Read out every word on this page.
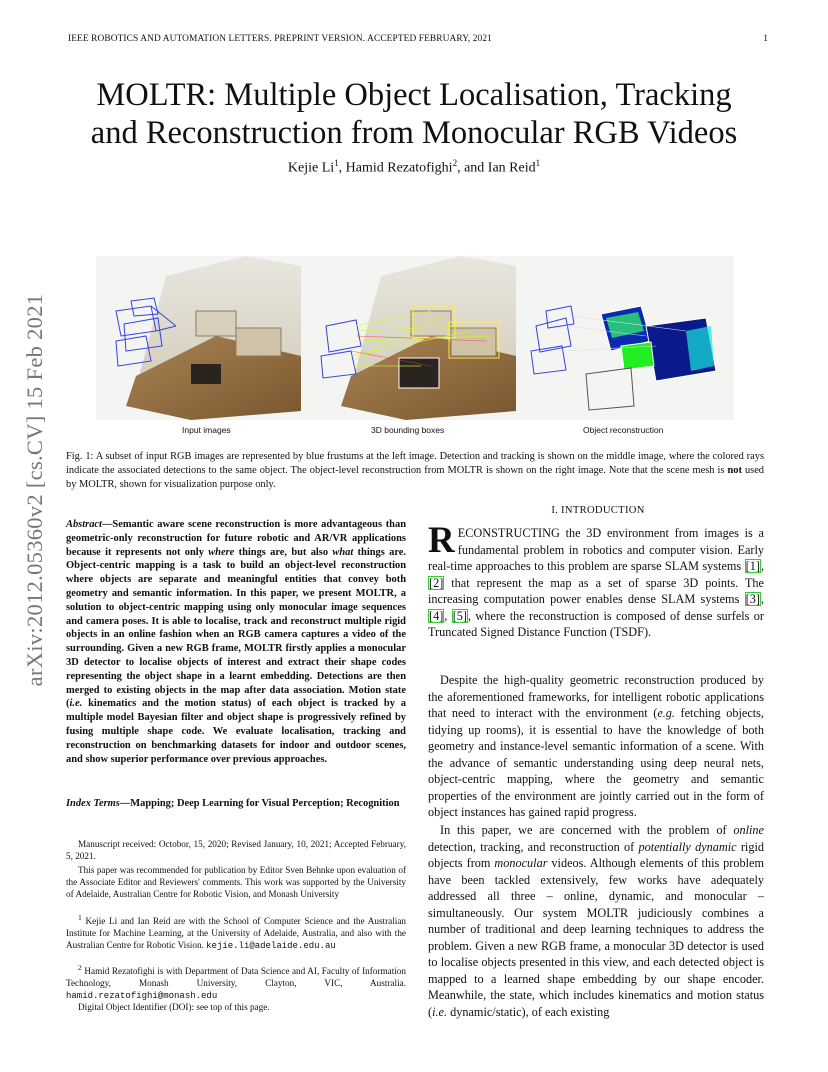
IEEE ROBOTICS AND AUTOMATION LETTERS. PREPRINT VERSION. ACCEPTED FEBRUARY, 2021	1
arXiv:2012.05360v2 [cs.CV] 15 Feb 2021
MOLTR: Multiple Object Localisation, Tracking
and Reconstruction from Monocular RGB Videos
Kejie Li$^1$, Hamid Rezatofighi$^2$, and Ian Reid$^1$
Input images	3D bounding boxes	Object reconstruction
Fig. 1: A subset of input RGB images are represented by blue frustums at the left image. Detection and tracking is shown on the middle image, where the colored rays indicate the associated detections to the same object. The object-level reconstruction from MOLTR is shown on the right image. Note that the scene mesh is not used by MOLTR, shown for visualization purpose only.
Abstract—Semantic aware scene reconstruction is more advantageous than geometric-only reconstruction for future robotic and AR/VR applications because it represents not only where things are, but also what things are. Object-centric mapping is a task to build an object-level reconstruction where objects are separate and meaningful entities that convey both geometry and semantic information. In this paper, we present MOLTR, a solution to object-centric mapping using only monocular image sequences and camera poses. It is able to localise, track and reconstruct multiple rigid objects in an online fashion when an RGB camera captures a video of the surrounding. Given a new RGB frame, MOLTR firstly applies a monocular 3D detector to localise objects of interest and extract their shape codes representing the object shape in a learnt embedding. Detections are then merged to existing objects in the map after data association. Motion state (i.e. kinematics and the motion status) of each object is tracked by a multiple model Bayesian filter and object shape is progressively refined by fusing multiple shape code. We evaluate localisation, tracking and reconstruction on benchmarking datasets for indoor and outdoor scenes, and show superior performance over previous approaches.
Index Terms—Mapping; Deep Learning for Visual Perception; Recognition
Manuscript received: Octobor, 15, 2020; Revised January, 10, 2021; Accepted February, 5, 2021.
This paper was recommended for publication by Editor Sven Behnke upon evaluation of the Associate Editor and Reviewers' comments. This work was supported by the University of Adelaide, Australian Centre for Robotic Vision, and Monash University
$^1$ Kejie Li and Ian Reid are with the School of Computer Science and the Australian Institute for Machine Learning, at the University of Adelaide, Australia, and also with the Australian Centre for Robotic Vision. kejie.li@adelaide.edu.au
$^2$ Hamid Rezatofighi is with Department of Data Science and AI, Faculty of Information Technology, Monash University, Clayton, VIC, Australia. hamid.rezatofighi@monash.edu
Digital Object Identifier (DOI): see top of this page.
I. INTRODUCTION
RECONSTRUCTING the 3D environment from images is a fundamental problem in robotics and computer vision. Early real-time approaches to this problem are sparse SLAM systems [1], [2] that represent the map as a set of sparse 3D points. The increasing computation power enables dense SLAM systems [3], [4], [5], where the reconstruction is composed of dense surfels or Truncated Signed Distance Function (TSDF).
Despite the high-quality geometric reconstruction produced by the aforementioned frameworks, for intelligent robotic applications that need to interact with the environment (e.g. fetching objects, tidying up rooms), it is essential to have the knowledge of both geometry and instance-level semantic information of a scene. With the advance of semantic understanding using deep neural nets, object-centric mapping, where the geometry and semantic properties of the environment are jointly carried out in the form of object instances has gained rapid progress.
In this paper, we are concerned with the problem of online detection, tracking, and reconstruction of potentially dynamic rigid objects from monocular videos. Although elements of this problem have been tackled extensively, few works have adequately addressed all three – online, dynamic, and monocular – simultaneously. Our system MOLTR judiciously combines a number of traditional and deep learning techniques to address the problem. Given a new RGB frame, a monocular 3D detector is used to localise objects presented in this view, and each detected object is mapped to a learned shape embedding by our shape encoder. Meanwhile, the state, which includes kinematics and motion status (i.e. dynamic/static), of each existing
